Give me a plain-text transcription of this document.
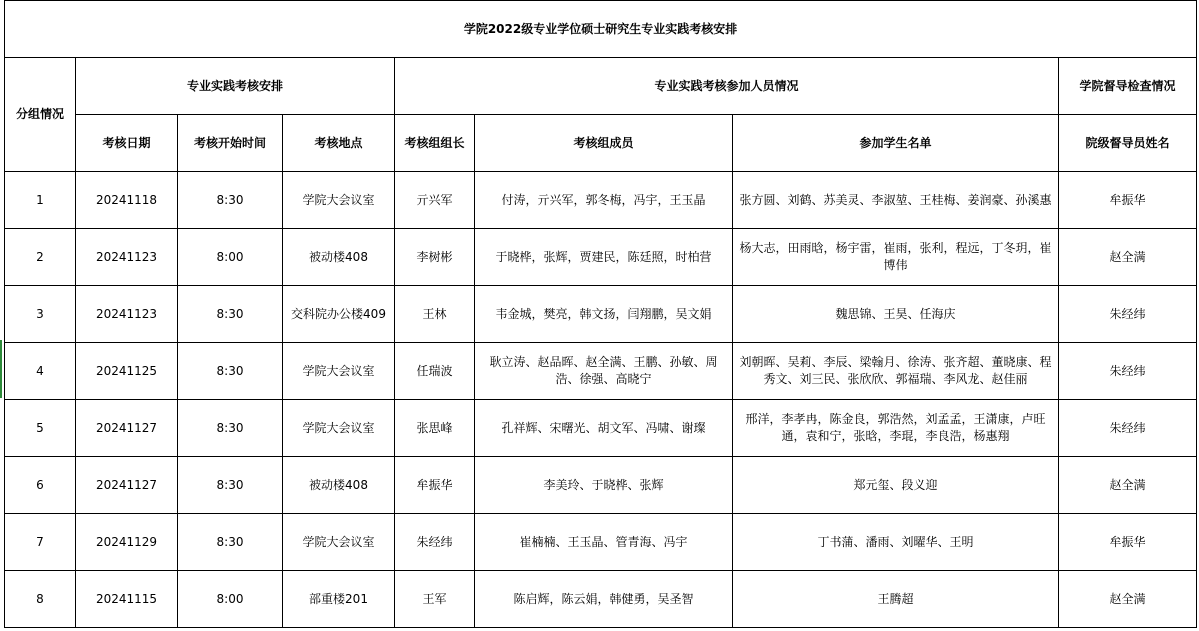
学院2022级专业学位硕士研究生专业实践考核安排							
分组情况	专业实践考核安排			专业实践考核参加人员情况			学院督导检查情况
	考核日期	考核开始时间	考核地点	考核组组长	考核组成员	参加学生名单	院级督导员姓名
1	20241118	8:30	学院大会议室	亓兴军	付涛，亓兴军，郭冬梅，冯宇，王玉晶	张方圆、刘鹤、苏美灵、李淑堃、王桂梅、姜润豪、孙溪惠	牟振华
2	20241123	8:00	被动楼408	李树彬	于晓桦，张辉，贾建民，陈廷照，时柏营	杨大志，田雨晗，杨宇雷，崔雨，张利，程远，丁冬玥，崔博伟	赵全满
3	20241123	8:30	交科院办公楼409	王林	韦金城，樊亮，韩文扬，闫翔鹏，吴文娟	魏思锦、王昊、任海庆	朱经纬
4	20241125	8:30	学院大会议室	任瑞波	耿立涛、赵品晖、赵全满、王鹏、孙敏、周浩、徐强、高晓宁	刘朝晖、吴莉、李辰、梁翰月、徐涛、张齐超、董晓康、程秀文、刘三民、张欣欣、郭福瑞、李风龙、赵佳丽	朱经纬
5	20241127	8:30	学院大会议室	张思峰	孔祥辉、宋曙光、胡文军、冯啸、谢璨	邢洋，李孝冉，陈金良，郭浩然，刘孟孟，王潇康，卢旺通，袁和宁，张晗，李琨，李良浩，杨惠翔	朱经纬
6	20241127	8:30	被动楼408	牟振华	李美玲、于晓桦、张辉	郑元玺、段义迎	赵全满
7	20241129	8:30	学院大会议室	朱经纬	崔楠楠、王玉晶、管青海、冯宇	丁书蒲、潘雨、刘曜华、王明	牟振华
8	20241115	8:00	部重楼201	王军	陈启辉，陈云娟，韩健勇，吴圣智	王腾超	赵全满
